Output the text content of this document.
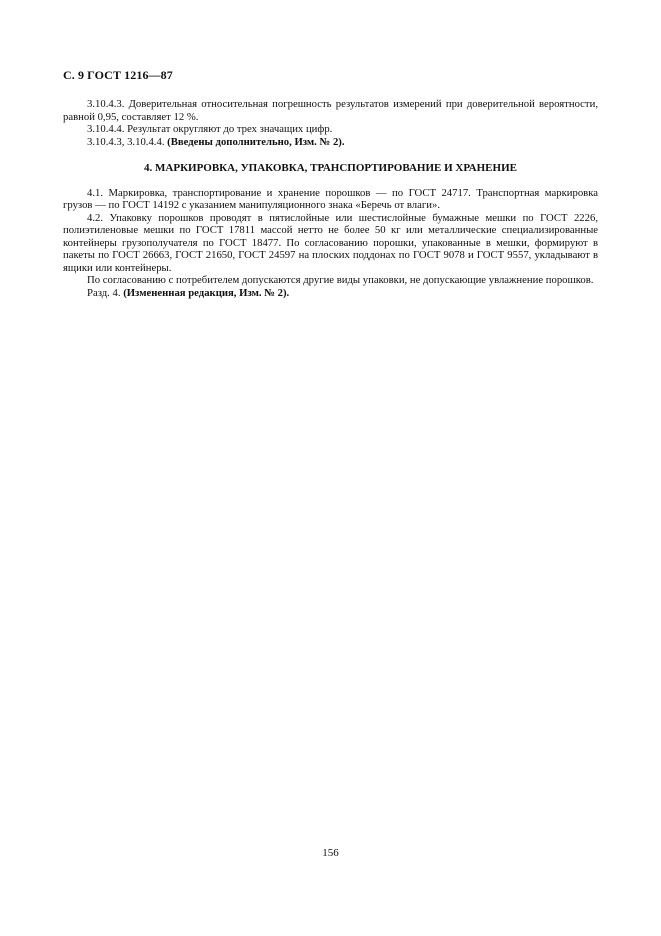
С. 9 ГОСТ 1216—87

3.10.4.3. Доверительная относительная погрешность результатов измерений при доверительной вероятности, равной 0,95, составляет 12 %.

3.10.4.4. Результат округляют до трех значащих цифр.

3.10.4.3, 3.10.4.4. (Введены дополнительно, Изм. № 2).

4. МАРКИРОВКА, УПАКОВКА, ТРАНСПОРТИРОВАНИЕ И ХРАНЕНИЕ

4.1. Маркировка, транспортирование и хранение порошков — по ГОСТ 24717. Транспортная маркировка грузов — по ГОСТ 14192 с указанием манипуляционного знака «Беречь от влаги».

4.2. Упаковку порошков проводят в пятислойные или шестислойные бумажные мешки по ГОСТ 2226, полиэтиленовые мешки по ГОСТ 17811 массой нетто не более 50 кг или металлические специализированные контейнеры грузополучателя по ГОСТ 18477. По согласованию порошки, упакованные в мешки, формируют в пакеты по ГОСТ 26663, ГОСТ 21650, ГОСТ 24597 на плоских поддонах по ГОСТ 9078 и ГОСТ 9557, укладывают в ящики или контейнеры.

По согласованию с потребителем допускаются другие виды упаковки, не допускающие увлажнение порошков.

Разд. 4. (Измененная редакция, Изм. № 2).

156
